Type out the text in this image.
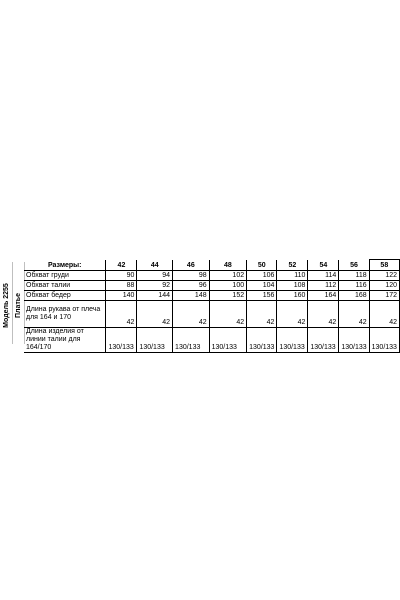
Модель 2255 Платье
Размеры:	42	44	46	48	50	52	54	56	58
Обхват груди	90	94	98	102	106	110	114	118	122
Обхват талии	88	92	96	100	104	108	112	116	120
Обхват бедер	140	144	148	152	156	160	164	168	172
Длина рукава от плеча для 164 и 170	42	42	42	42	42	42	42	42	42
Длина изделия от линии талии для 164/170	130/133	130/133	130/133	130/133	130/133	130/133	130/133	130/133	130/133
